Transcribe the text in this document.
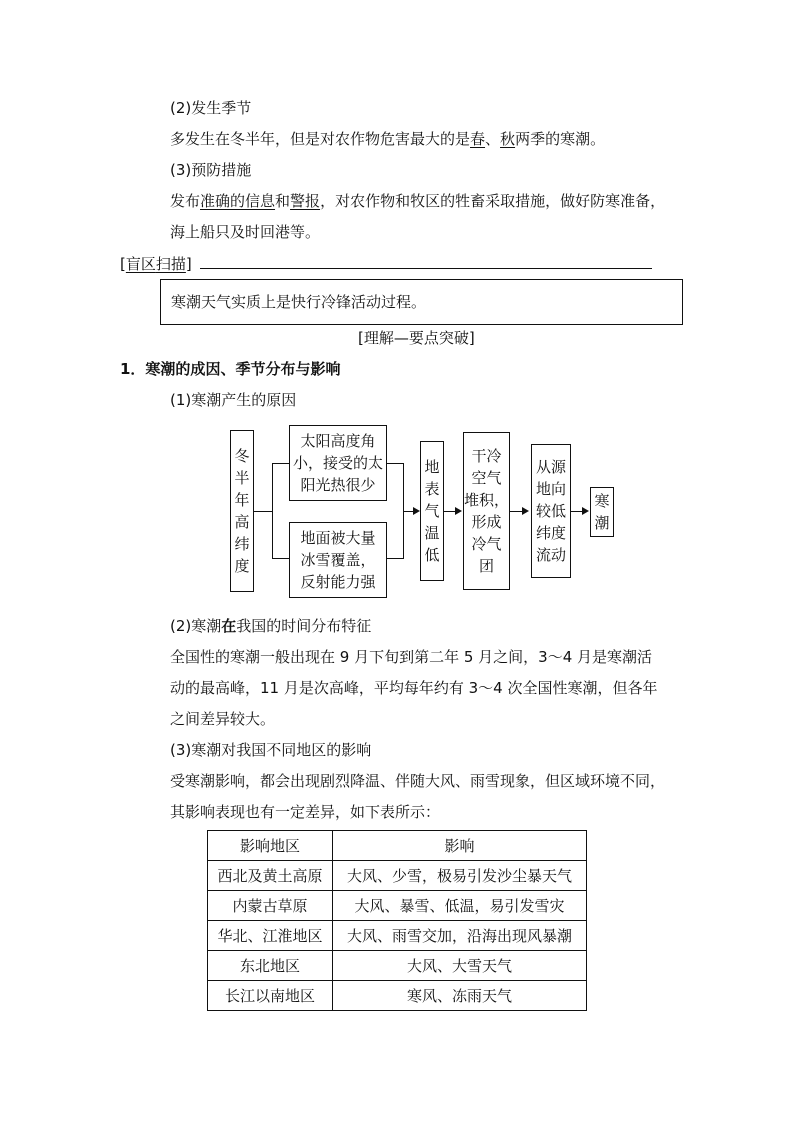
(2)发生季节
多发生在冬半年，但是对农作物危害最大的是春、秋两季的寒潮。
(3)预防措施
发布准确的信息和警报，对农作物和牧区的牲畜采取措施，做好防寒准备，
海上船只及时回港等。
[盲区扫描]
寒潮天气实质上是快行冷锋活动过程。
[理解—要点突破]
1．寒潮的成因、季节分布与影响
(1)寒潮产生的原因
冬
半
年
高
纬
度
太阳高度角
小，接受的太
阳光热很少
地面被大量
冰雪覆盖，
反射能力强
地
表
气
温
低
干冷
空气
堆积，
形成
冷气
团
从源
地向
较低
纬度
流动
寒
潮
(2)寒潮在我国的时间分布特征
全国性的寒潮一般出现在 9 月下旬到第二年 5 月之间，3～4 月是寒潮活
动的最高峰，11 月是次高峰，平均每年约有 3～4 次全国性寒潮，但各年
之间差异较大。
(3)寒潮对我国不同地区的影响
受寒潮影响，都会出现剧烈降温、伴随大风、雨雪现象，但区域环境不同，
其影响表现也有一定差异，如下表所示：
影响地区	影响
西北及黄土高原	大风、少雪，极易引发沙尘暴天气
内蒙古草原	大风、暴雪、低温，易引发雪灾
华北、江淮地区	大风、雨雪交加，沿海出现风暴潮
东北地区	大风、大雪天气
长江以南地区	寒风、冻雨天气
